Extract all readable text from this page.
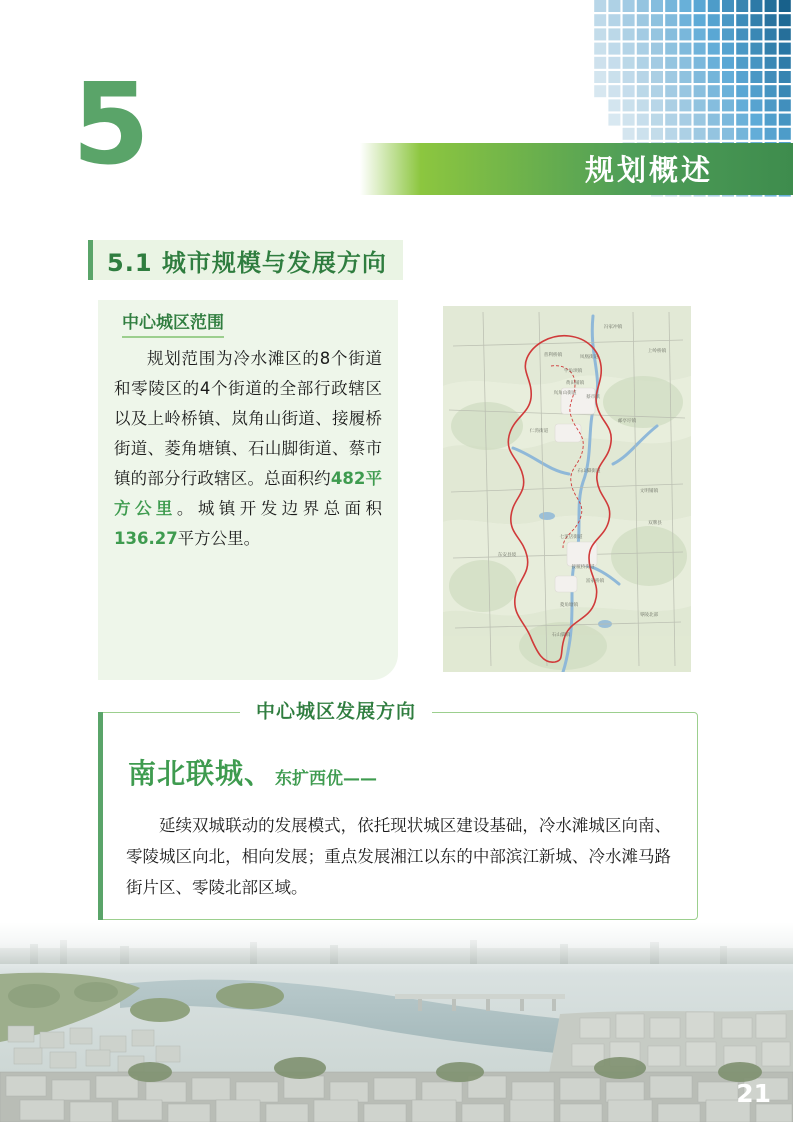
5	规划概述
5.1 城市规模与发展方向
中心城区范围
规划范围为冷水滩区的8个街道和零陵区的4个街道的全部行政辖区以及上岭桥镇、岚角山街道、接履桥街道、菱角塘镇、石山脚街道、蔡市镇的部分行政辖区。总面积约482平方公里。城镇开发边界总面积136.27平方公里。
冯家冲镇
上岭桥镇
普利桥镇	凤凰街道
牛角坝镇
黄田铺镇
岚角山街道
蔡市镇
仁湾街道
邮亭圩镇
石山脚街道
文明铺镇
双牌县
七里店街道
东安县境
接履桥街道
富家桥镇
菱角塘镇
零陵北部
石山脚镇
中心城区发展方向
南北联城、 东扩西优——
延续双城联动的发展模式，依托现状城区建设基础，冷水滩城区向南、零陵城区向北，相向发展；重点发展湘江以东的中部滨江新城、冷水滩马路街片区、零陵北部区域。
21
